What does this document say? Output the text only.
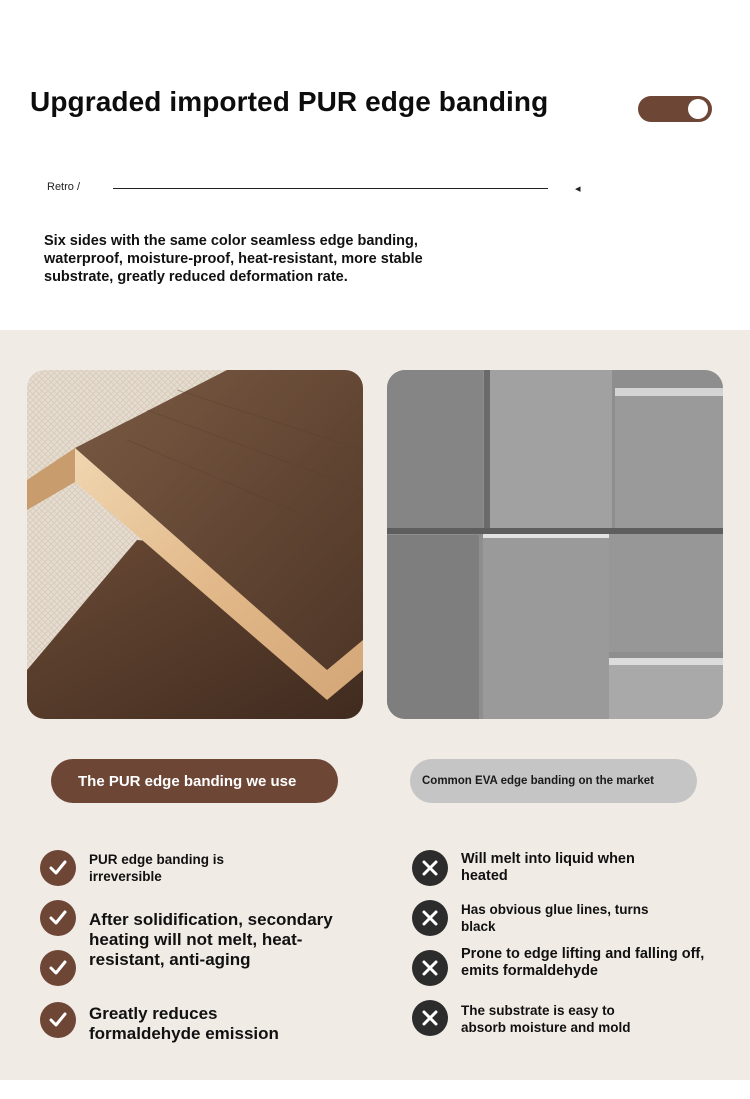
Upgraded imported PUR edge banding
Retro /	◂

Six sides with the same color seamless edge banding, waterproof, moisture-proof, heat-resistant, more stable substrate, greatly reduced deformation rate.

The PUR edge banding we use	Common EVA edge banding on the market
PUR edge banding is irreversible
After solidification, secondary heating will not melt, heat-resistant, anti-aging
Greatly reduces formaldehyde emission
Will melt into liquid when heated
Has obvious glue lines, turns black
Prone to edge lifting and falling off, emits formaldehyde
The substrate is easy to absorb moisture and mold
